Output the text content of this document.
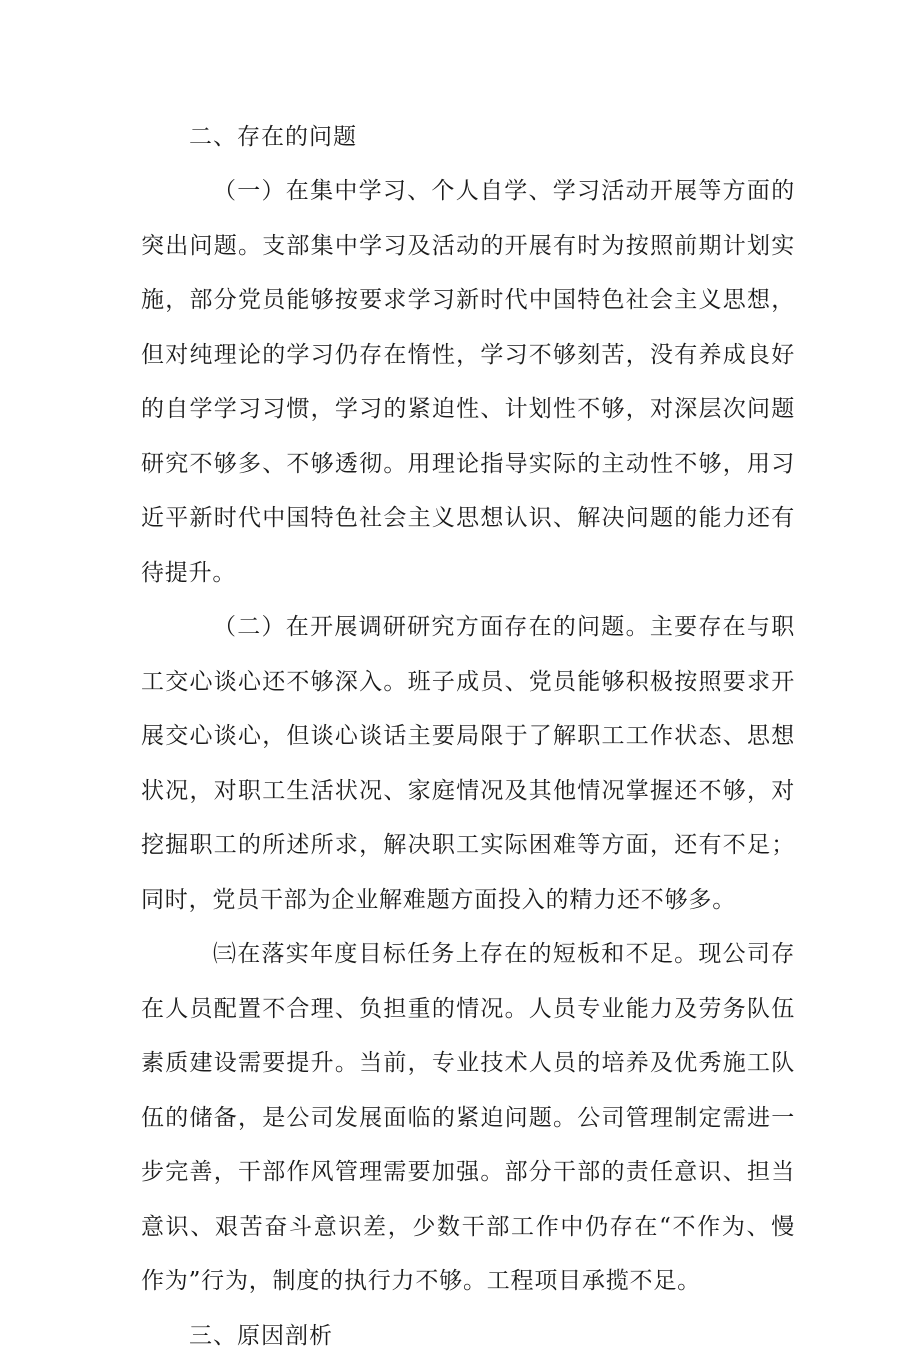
二、存在的问题

（一）在集中学习、个人自学、学习活动开展等方面的突出问题。支部集中学习及活动的开展有时为按照前期计划实施，部分党员能够按要求学习新时代中国特色社会主义思想，但对纯理论的学习仍存在惰性，学习不够刻苦，没有养成良好的自学学习习惯，学习的紧迫性、计划性不够，对深层次问题研究不够多、不够透彻。用理论指导实际的主动性不够，用习近平新时代中国特色社会主义思想认识、解决问题的能力还有待提升。

（二）在开展调研研究方面存在的问题。主要存在与职工交心谈心还不够深入。班子成员、党员能够积极按照要求开展交心谈心，但谈心谈话主要局限于了解职工工作状态、思想状况，对职工生活状况、家庭情况及其他情况掌握还不够，对挖掘职工的所述所求，解决职工实际困难等方面，还有不足；同时，党员干部为企业解难题方面投入的精力还不够多。

㈢在落实年度目标任务上存在的短板和不足。现公司存在人员配置不合理、负担重的情况。人员专业能力及劳务队伍素质建设需要提升。当前，专业技术人员的培养及优秀施工队伍的储备，是公司发展面临的紧迫问题。公司管理制定需进一步完善，干部作风管理需要加强。部分干部的责任意识、担当意识、艰苦奋斗意识差，少数干部工作中仍存在“不作为、慢作为”行为，制度的执行力不够。工程项目承揽不足。

三、原因剖析
